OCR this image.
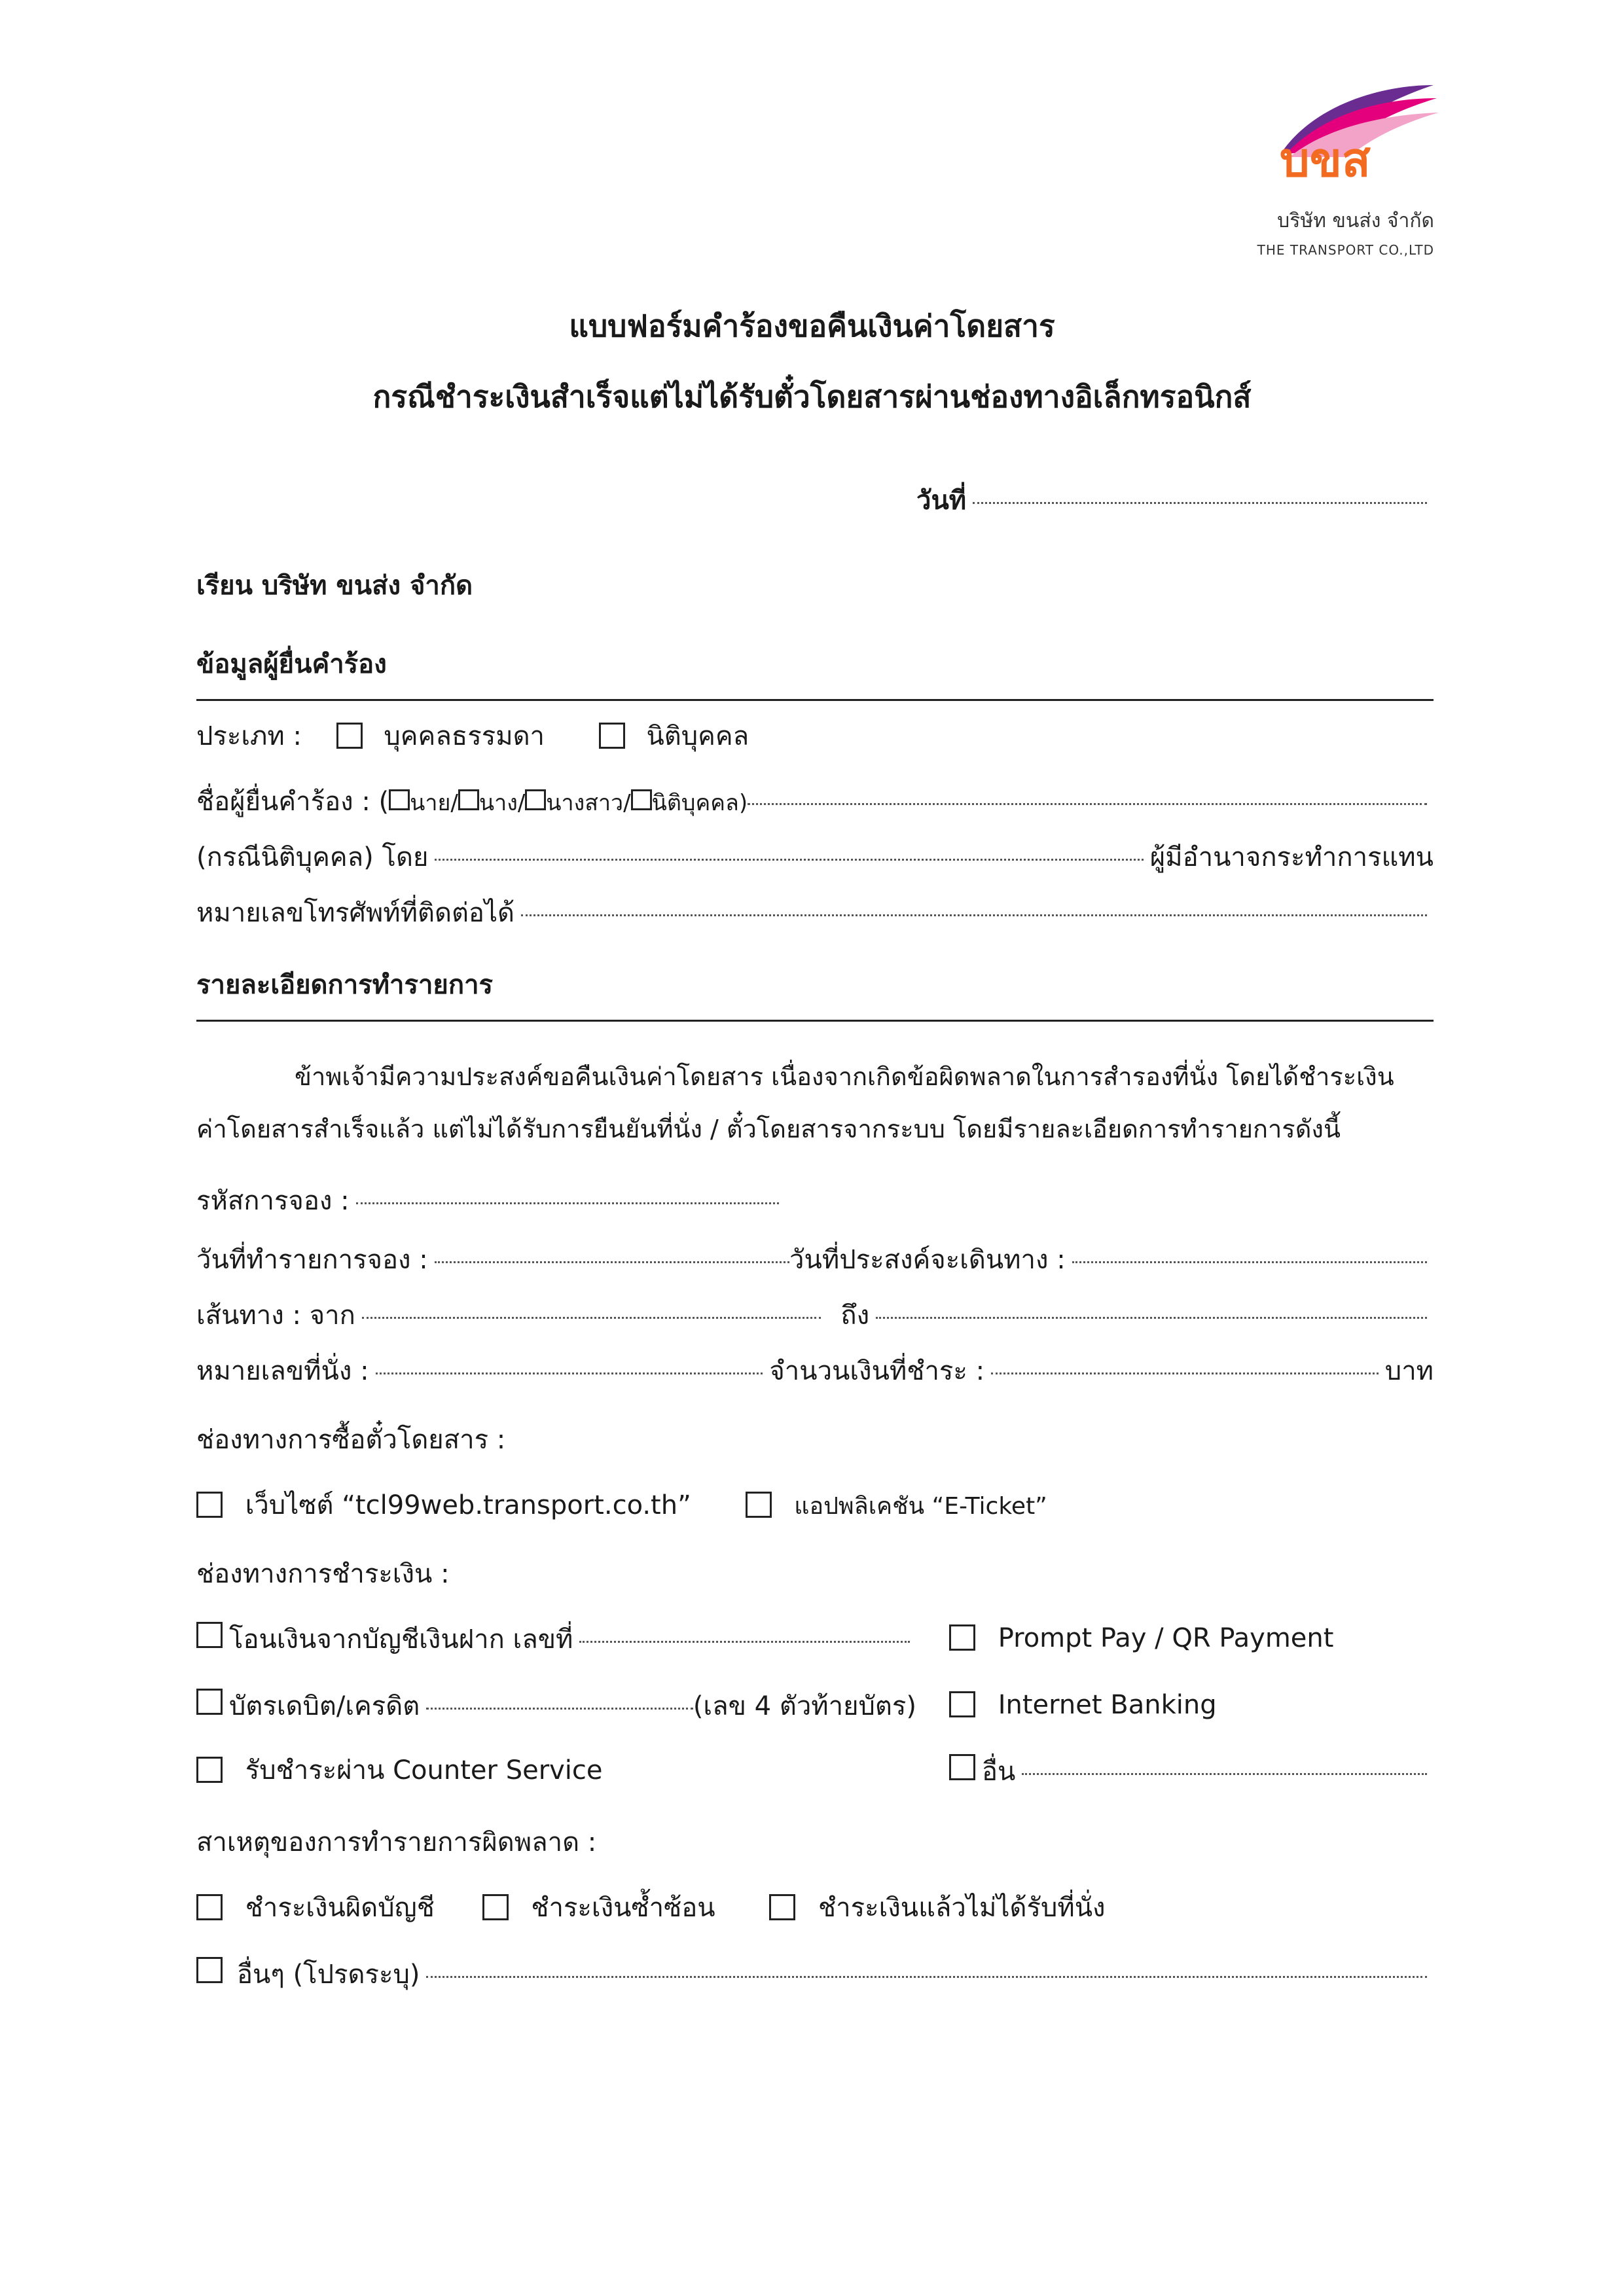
บขส
บริษัท ขนส่ง จำกัด
THE TRANSPORT CO.,LTD
แบบฟอร์มคำร้องขอคืนเงินค่าโดยสาร
กรณีชำระเงินสำเร็จแต่ไม่ได้รับตั๋วโดยสารผ่านช่องทางอิเล็กทรอนิกส์
วันที่
เรียน บริษัท ขนส่ง จำกัด
ข้อมูลผู้ยื่นคำร้อง
ประเภท :	บุคคลธรรมดา	นิติบุคคล
ชื่อผู้ยื่นคำร้อง : ( นาย/ นาง/ นางสาว/ นิติบุคคล)
(กรณีนิติบุคคล) โดย	ผู้มีอำนาจกระทำการแทน
หมายเลขโทรศัพท์ที่ติดต่อได้
รายละเอียดการทำรายการ
ข้าพเจ้ามีความประสงค์ขอคืนเงินค่าโดยสาร เนื่องจากเกิดข้อผิดพลาดในการสำรองที่นั่ง โดยได้ชำระเงิน
ค่าโดยสารสำเร็จแล้ว แต่ไม่ได้รับการยืนยันที่นั่ง / ตั๋วโดยสารจากระบบ โดยมีรายละเอียดการทำรายการดังนี้
รหัสการจอง :
วันที่ทำรายการจอง :	วันที่ประสงค์จะเดินทาง :
เส้นทาง : จาก	ถึง
หมายเลขที่นั่ง :	จำนวนเงินที่ชำระ :	บาท
ช่องทางการซื้อตั๋วโดยสาร :
เว็บไซต์ “tcl99web.transport.co.th”	แอปพลิเคชัน “E-Ticket”
ช่องทางการชำระเงิน :
โอนเงินจากบัญชีเงินฝาก เลขที่	Prompt Pay / QR Payment
บัตรเดบิต/เครดิต	(เลข 4 ตัวท้ายบัตร)	Internet Banking
รับชำระผ่าน Counter Service	อื่น
สาเหตุของการทำรายการผิดพลาด :
ชำระเงินผิดบัญชี	ชำระเงินซ้ำซ้อน	ชำระเงินแล้วไม่ได้รับที่นั่ง
อื่นๆ (โปรดระบุ)
